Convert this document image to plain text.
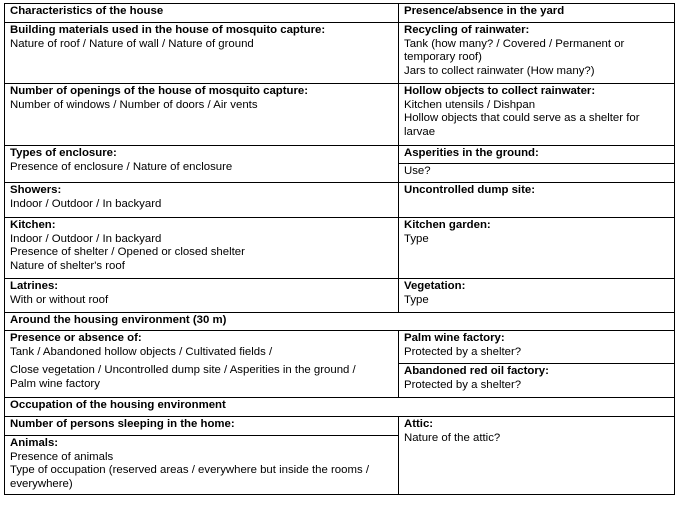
Characteristics of the house	Presence/absence in the yard

Building materials used in the house of mosquito capture:
Nature of roof / Nature of wall / Nature of ground	Recycling of rainwater:
Tank (how many? / Covered / Permanent or
temporary roof)
Jars to collect rainwater (How many?)

Number of openings of the house of mosquito capture:
Number of windows / Number of doors / Air vents	Hollow objects to collect rainwater:
Kitchen utensils / Dishpan
Hollow objects that could serve as a shelter for
larvae

Types of enclosure:
Presence of enclosure / Nature of enclosure	Asperities in the ground:

	Use?

Showers:
Indoor / Outdoor / In backyard	Uncontrolled dump site:

Kitchen:
Indoor / Outdoor / In backyard
Presence of shelter / Opened or closed shelter
Nature of shelter's roof	Kitchen garden:
Type

Latrines:
With or without roof	Vegetation:
Type

Around the housing environment (30 m)	

Presence or absence of:
Tank / Abandoned hollow objects / Cultivated fields /
Close vegetation / Uncontrolled dump site / Asperities in the ground /
Palm wine factory	Palm wine factory:
Protected by a shelter?

	Abandoned red oil factory:
Protected by a shelter?

Occupation of the housing environment	

Number of persons sleeping in the home:	Attic:
Nature of the attic?

Animals:
Presence of animals
Type of occupation (reserved areas / everywhere but inside the rooms /
everywhere)	
